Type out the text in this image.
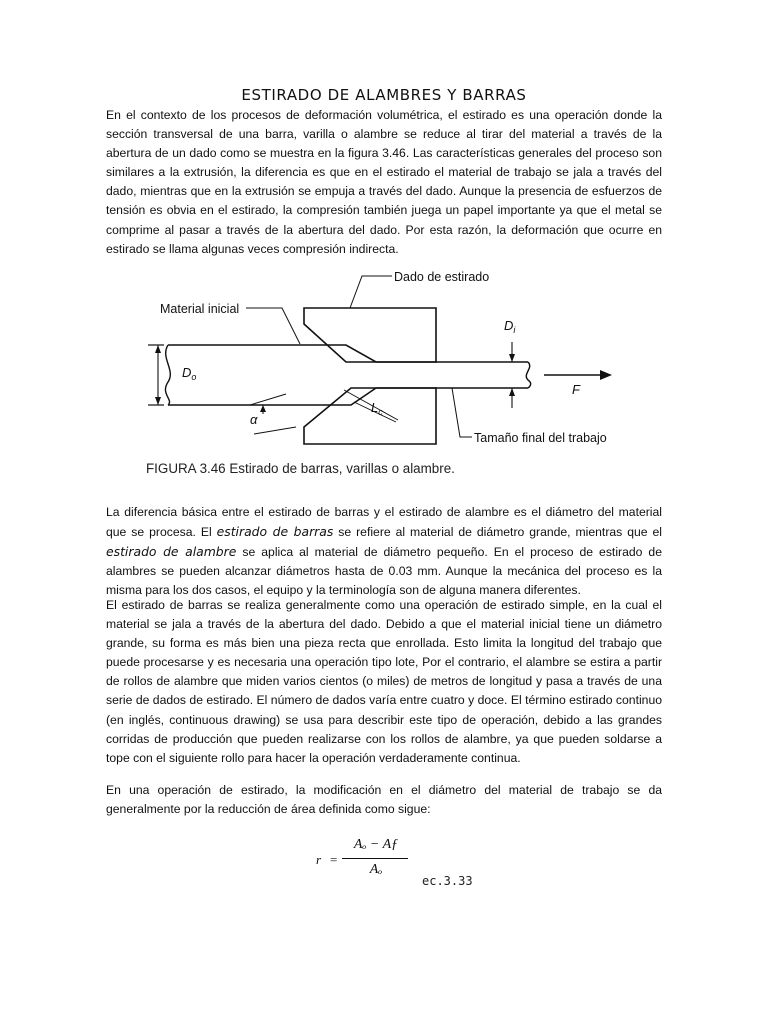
ESTIRADO DE ALAMBRES Y BARRAS

En el contexto de los procesos de deformación volumétrica, el estirado es una operación donde la sección transversal de una barra, varilla o alambre se reduce al tirar del material a través de la abertura de un dado como se muestra en la figura 3.46. Las características generales del proceso son similares a la extrusión, la diferencia es que en el estirado el material de trabajo se jala a través del dado, mientras que en la extrusión se empuja a través del dado. Aunque la presencia de esfuerzos de tensión es obvia en el estirado, la compresión también juega un papel importante ya que el metal se comprime al pasar a través de la abertura del dado. Por esta razón, la deformación que ocurre en estirado se llama algunas veces compresión indirecta.

$D_o$
$D_i$
F
α
$L_c$
Dado de estirado
Material inicial
Tamaño final del trabajo
FIGURA 3.46 Estirado de barras, varillas o alambre.

La diferencia básica entre el estirado de barras y el estirado de alambre es el diámetro del material que se procesa. El estirado de barras se refiere al material de diámetro grande, mientras que el estirado de alambre se aplica al material de diámetro pequeño. En el proceso de estirado de alambres se pueden alcanzar diámetros hasta de 0.03 mm. Aunque la mecánica del proceso es la misma para los dos casos, el equipo y la terminología son de alguna manera diferentes.

El estirado de barras se realiza generalmente como una operación de estirado simple, en la cual el material se jala a través de la abertura del dado. Debido a que el material inicial tiene un diámetro grande, su forma es más bien una pieza recta que enrollada. Esto limita la longitud del trabajo que puede procesarse y es necesaria una operación tipo lote, Por el contrario, el alambre se estira a partir de rollos de alambre que miden varios cientos (o miles) de metros de longitud y pasa a través de una serie de dados de estirado. El número de dados varía entre cuatro y doce. El término estirado continuo (en inglés, continuous drawing) se usa para describir este tipo de operación, debido a las grandes corridas de producción que pueden realizarse con los rollos de alambre, ya que pueden soldarse a tope con el siguiente rollo para hacer la operación verdaderamente continua.

En una operación de estirado, la modificación en el diámetro del material de trabajo se da generalmente por la reducción de área definida como sigue:

r =
Aₒ − Aƒ
Aₒ
ec.3.33
